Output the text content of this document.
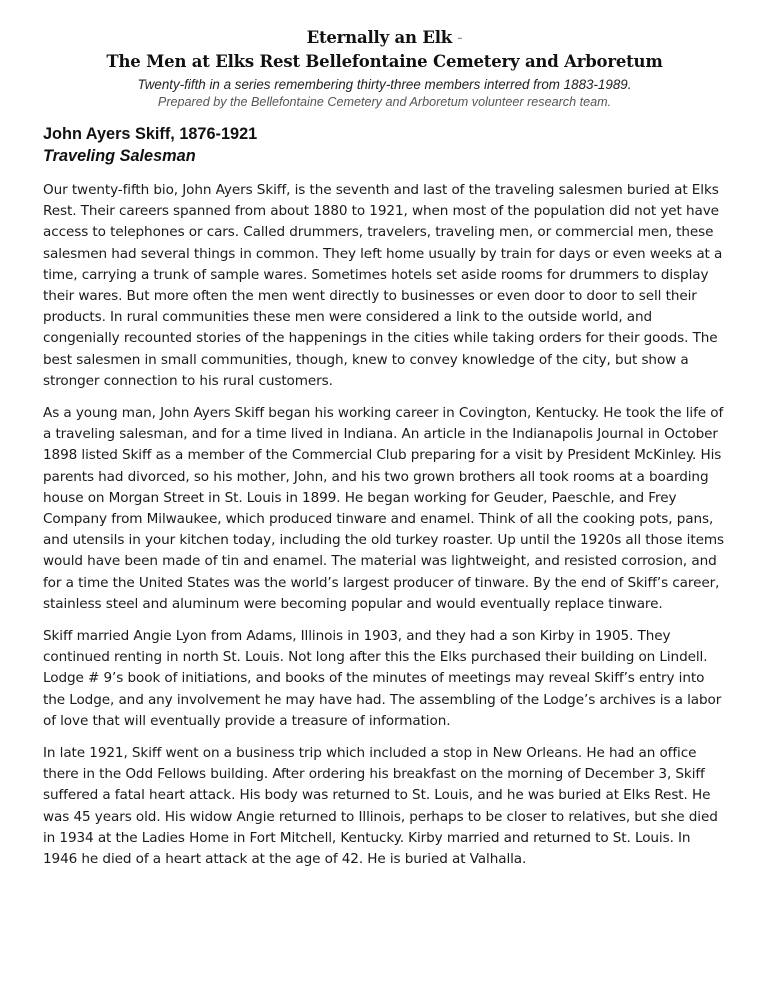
Eternally an Elk -
The Men at Elks Rest Bellefontaine Cemetery and Arboretum
Twenty-fifth in a series remembering thirty-three members interred from 1883-1989.
Prepared by the Bellefontaine Cemetery and Arboretum volunteer research team.
John Ayers Skiff, 1876-1921
Traveling Salesman

Our twenty-fifth bio, John Ayers Skiff, is the seventh and last of the traveling salesmen buried at Elks Rest. Their careers spanned from about 1880 to 1921, when most of the population did not yet have access to telephones or cars. Called drummers, travelers, traveling men, or commercial men, these salesmen had several things in common. They left home usually by train for days or even weeks at a time, carrying a trunk of sample wares. Sometimes hotels set aside rooms for drummers to display their wares. But more often the men went directly to businesses or even door to door to sell their products. In rural communities these men were considered a link to the outside world, and congenially recounted stories of the happenings in the cities while taking orders for their goods. The best salesmen in small communities, though, knew to convey knowledge of the city, but show a stronger connection to his rural customers.

As a young man, John Ayers Skiff began his working career in Covington, Kentucky. He took the life of a traveling salesman, and for a time lived in Indiana. An article in the Indianapolis Journal in October 1898 listed Skiff as a member of the Commercial Club preparing for a visit by President McKinley. His parents had divorced, so his mother, John, and his two grown brothers all took rooms at a boarding house on Morgan Street in St. Louis in 1899. He began working for Geuder, Paeschle, and Frey Company from Milwaukee, which produced tinware and enamel. Think of all the cooking pots, pans, and utensils in your kitchen today, including the old turkey roaster. Up until the 1920s all those items would have been made of tin and enamel. The material was lightweight, and resisted corrosion, and for a time the United States was the world’s largest producer of tinware. By the end of Skiff’s career, stainless steel and aluminum were becoming popular and would eventually replace tinware.

Skiff married Angie Lyon from Adams, Illinois in 1903, and they had a son Kirby in 1905. They continued renting in north St. Louis. Not long after this the Elks purchased their building on Lindell. Lodge # 9’s book of initiations, and books of the minutes of meetings may reveal Skiff’s entry into the Lodge, and any involvement he may have had. The assembling of the Lodge’s archives is a labor of love that will eventually provide a treasure of information.

In late 1921, Skiff went on a business trip which included a stop in New Orleans. He had an office there in the Odd Fellows building. After ordering his breakfast on the morning of December 3, Skiff suffered a fatal heart attack. His body was returned to St. Louis, and he was buried at Elks Rest. He was 45 years old. His widow Angie returned to Illinois, perhaps to be closer to relatives, but she died in 1934 at the Ladies Home in Fort Mitchell, Kentucky. Kirby married and returned to St. Louis. In 1946 he died of a heart attack at the age of 42. He is buried at Valhalla.
